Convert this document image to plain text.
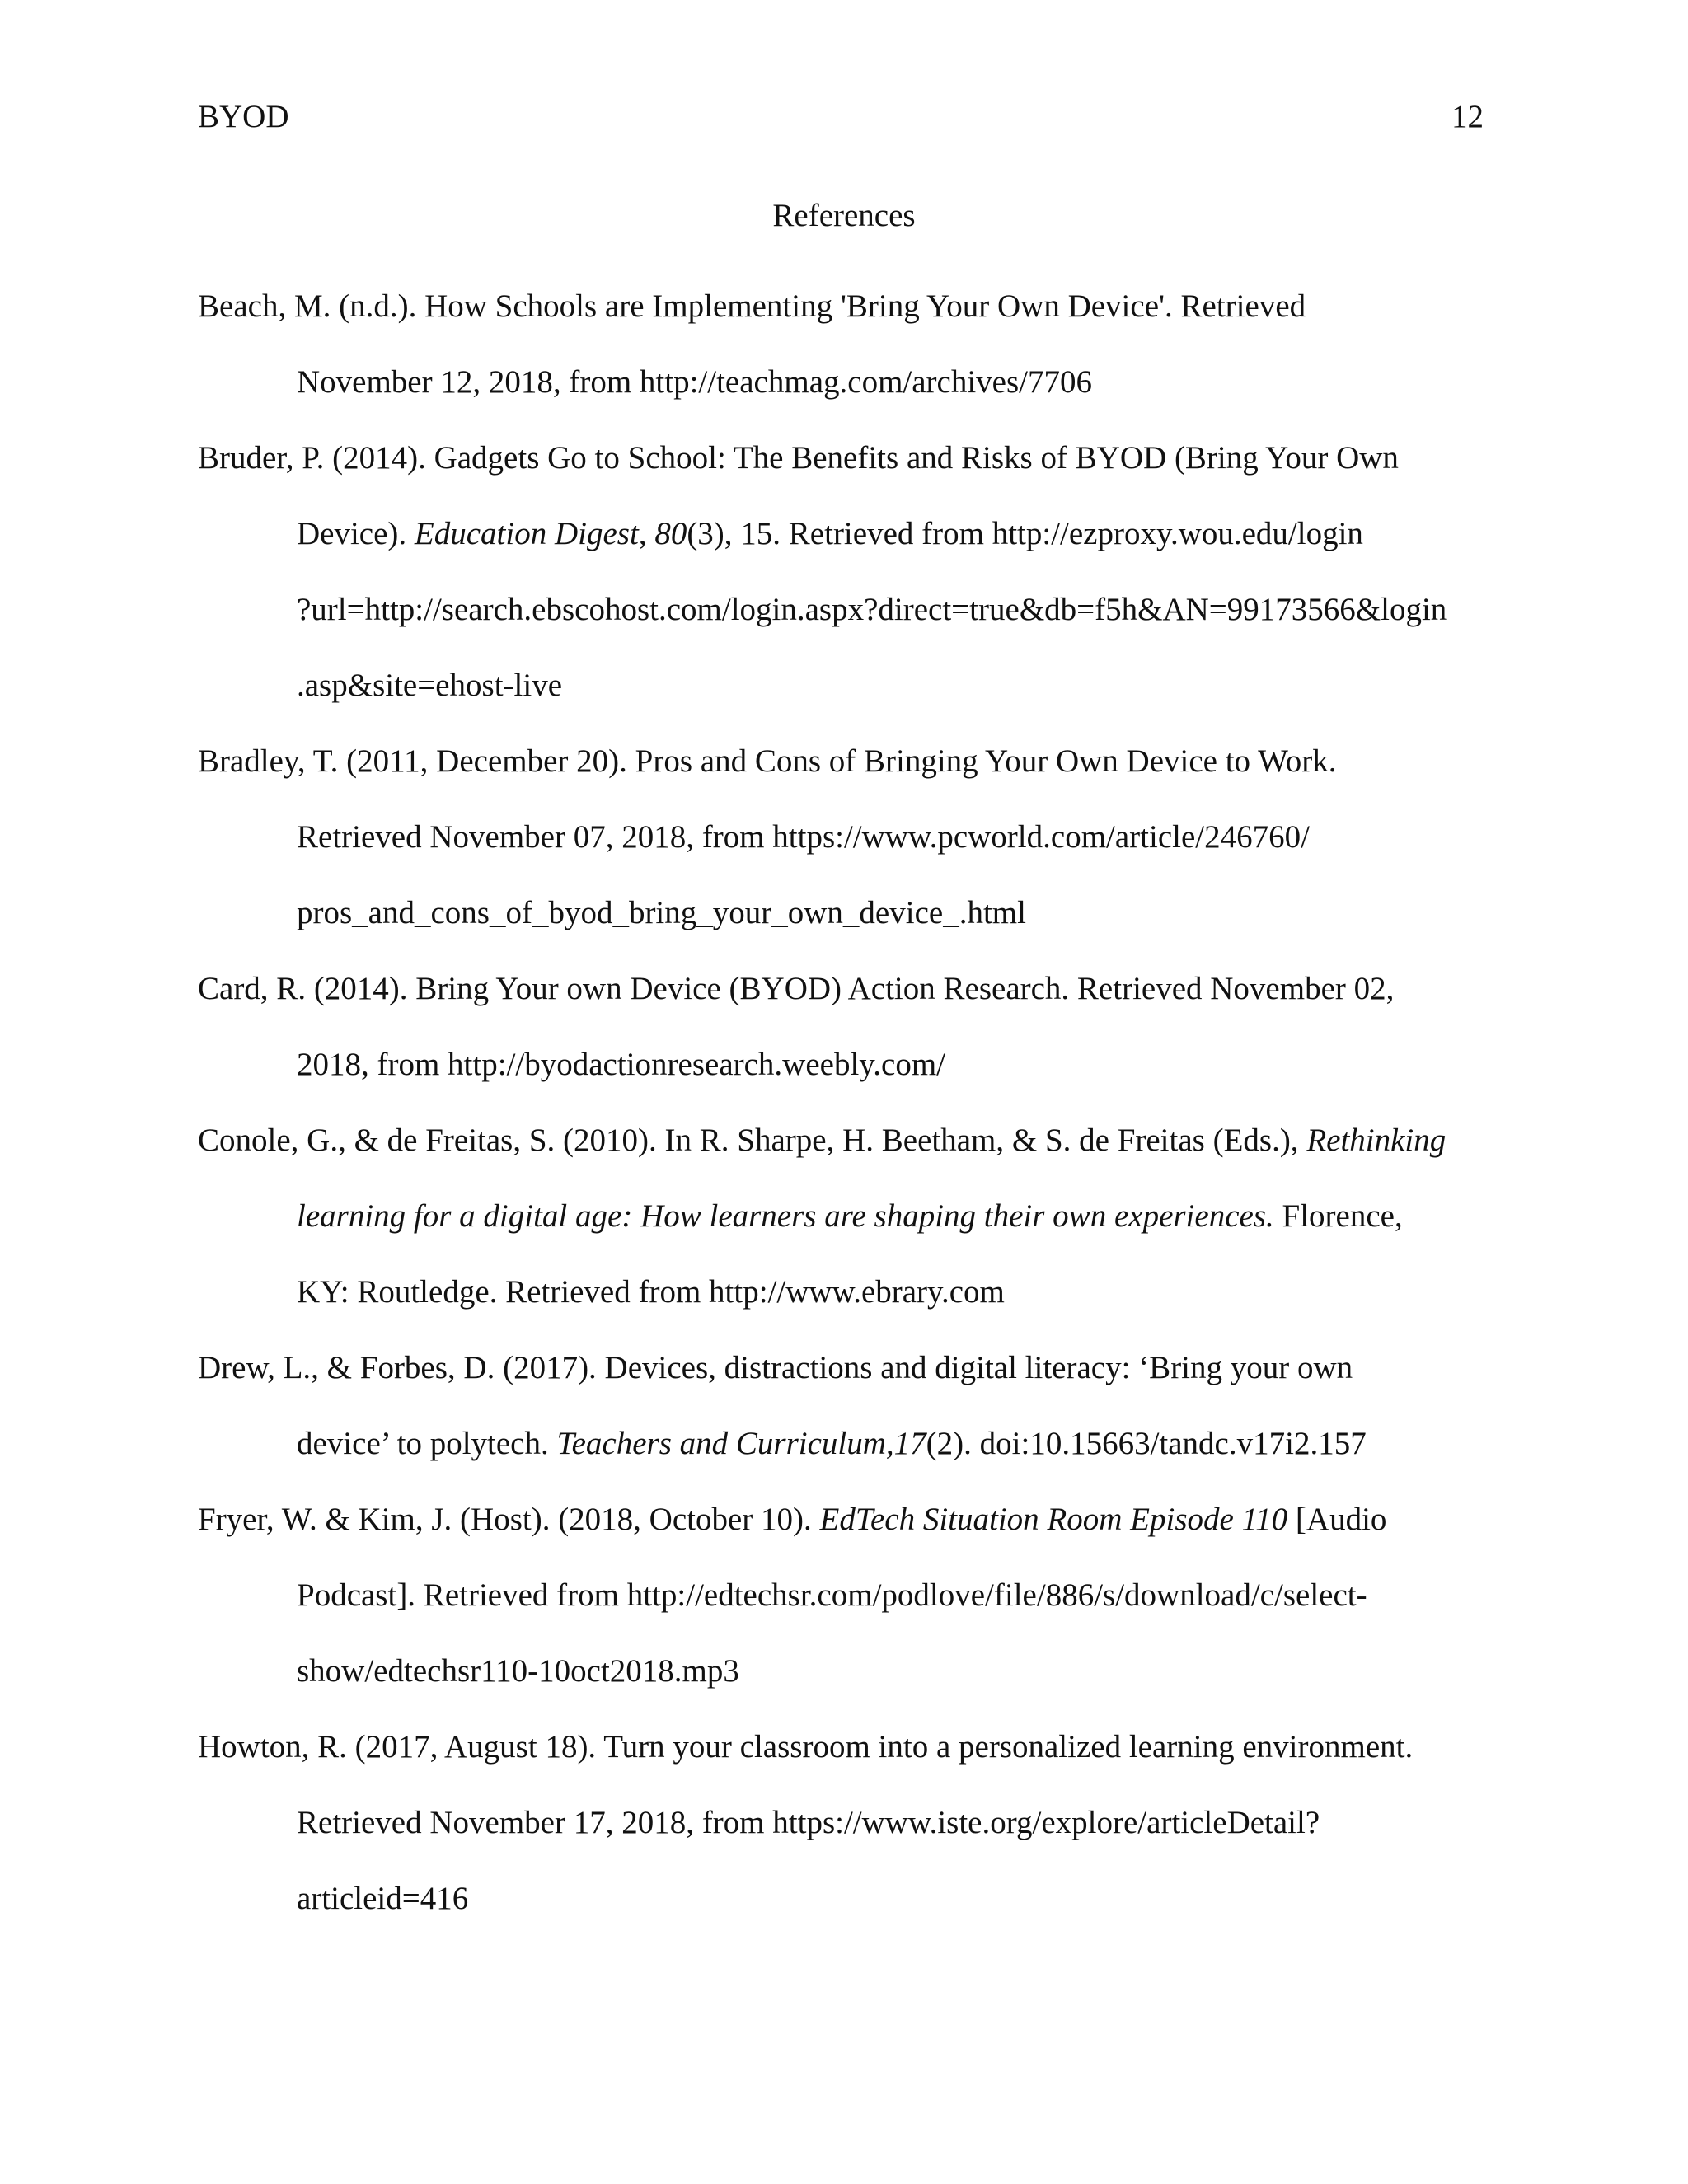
BYOD	12
References
Beach, M. (n.d.). How Schools are Implementing 'Bring Your Own Device'. Retrieved
November 12, 2018, from http://teachmag.com/archives/7706
Bruder, P. (2014). Gadgets Go to School: The Benefits and Risks of BYOD (Bring Your Own
Device). Education Digest, 80(3), 15. Retrieved from http://ezproxy.wou.edu/login
?url=http://search.ebscohost.com/login.aspx?direct=true&db=f5h&AN=99173566&login
.asp&site=ehost-live
Bradley, T. (2011, December 20). Pros and Cons of Bringing Your Own Device to Work.
Retrieved November 07, 2018, from https://www.pcworld.com/article/246760/
pros_and_cons_of_byod_bring_your_own_device_.html
Card, R. (2014). Bring Your own Device (BYOD) Action Research. Retrieved November 02,
2018, from http://byodactionresearch.weebly.com/
Conole, G., & de Freitas, S. (2010). In R. Sharpe, H. Beetham, & S. de Freitas (Eds.), Rethinking
learning for a digital age: How learners are shaping their own experiences. Florence,
KY: Routledge. Retrieved from http://www.ebrary.com
Drew, L., & Forbes, D. (2017). Devices, distractions and digital literacy: ‘Bring your own
device’ to polytech. Teachers and Curriculum,17(2). doi:10.15663/tandc.v17i2.157
Fryer, W. & Kim, J. (Host). (2018, October 10). EdTech Situation Room Episode 110 [Audio
Podcast]. Retrieved from http://edtechsr.com/podlove/file/886/s/download/c/select-
show/edtechsr110-10oct2018.mp3
Howton, R. (2017, August 18). Turn your classroom into a personalized learning environment.
Retrieved November 17, 2018, from https://www.iste.org/explore/articleDetail?
articleid=416
